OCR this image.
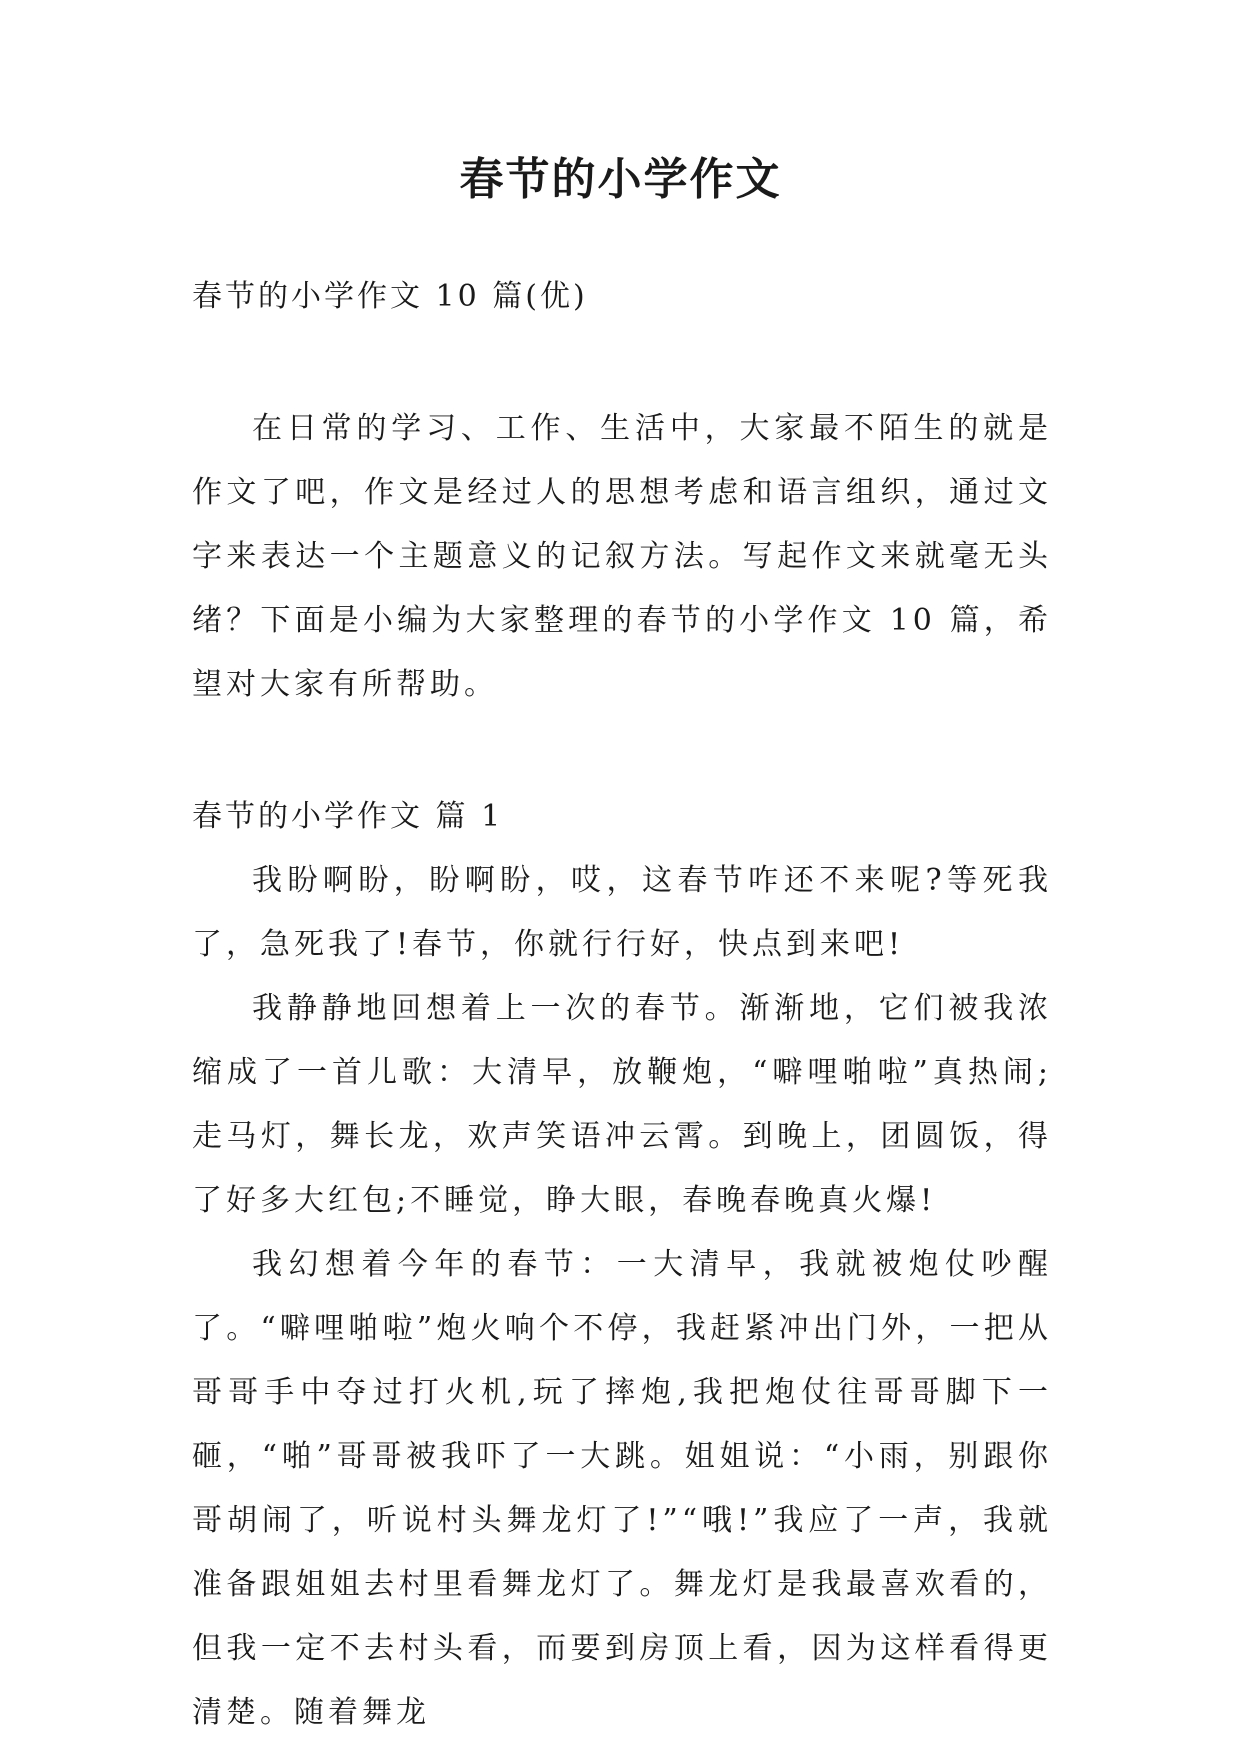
春节的小学作文

春节的小学作文 10 篇(优)

在日常的学习、工作、生活中，大家最不陌生的就是作文了吧，作文是经过人的思想考虑和语言组织，通过文字来表达一个主题意义的记叙方法。写起作文来就毫无头绪？下面是小编为大家整理的春节的小学作文 10 篇，希望对大家有所帮助。

春节的小学作文 篇 1

我盼啊盼，盼啊盼，哎，这春节咋还不来呢?等死我了，急死我了!春节，你就行行好，快点到来吧!

我静静地回想着上一次的春节。渐渐地，它们被我浓缩成了一首儿歌：大清早，放鞭炮，“噼哩啪啦”真热闹;走马灯，舞长龙，欢声笑语冲云霄。到晚上，团圆饭，得了好多大红包;不睡觉，睁大眼，春晚春晚真火爆!

我幻想着今年的春节：一大清早，我就被炮仗吵醒了。“噼哩啪啦”炮火响个不停，我赶紧冲出门外，一把从哥哥手中夺过打火机,玩了摔炮,我把炮仗往哥哥脚下一砸，“啪”哥哥被我吓了一大跳。姐姐说：“小雨，别跟你哥胡闹了，听说村头舞龙灯了!”“哦!”我应了一声，我就准备跟姐姐去村里看舞龙灯了。舞龙灯是我最喜欢看的，但我一定不去村头看，而要到房顶上看，因为这样看得更清楚。随着舞龙
